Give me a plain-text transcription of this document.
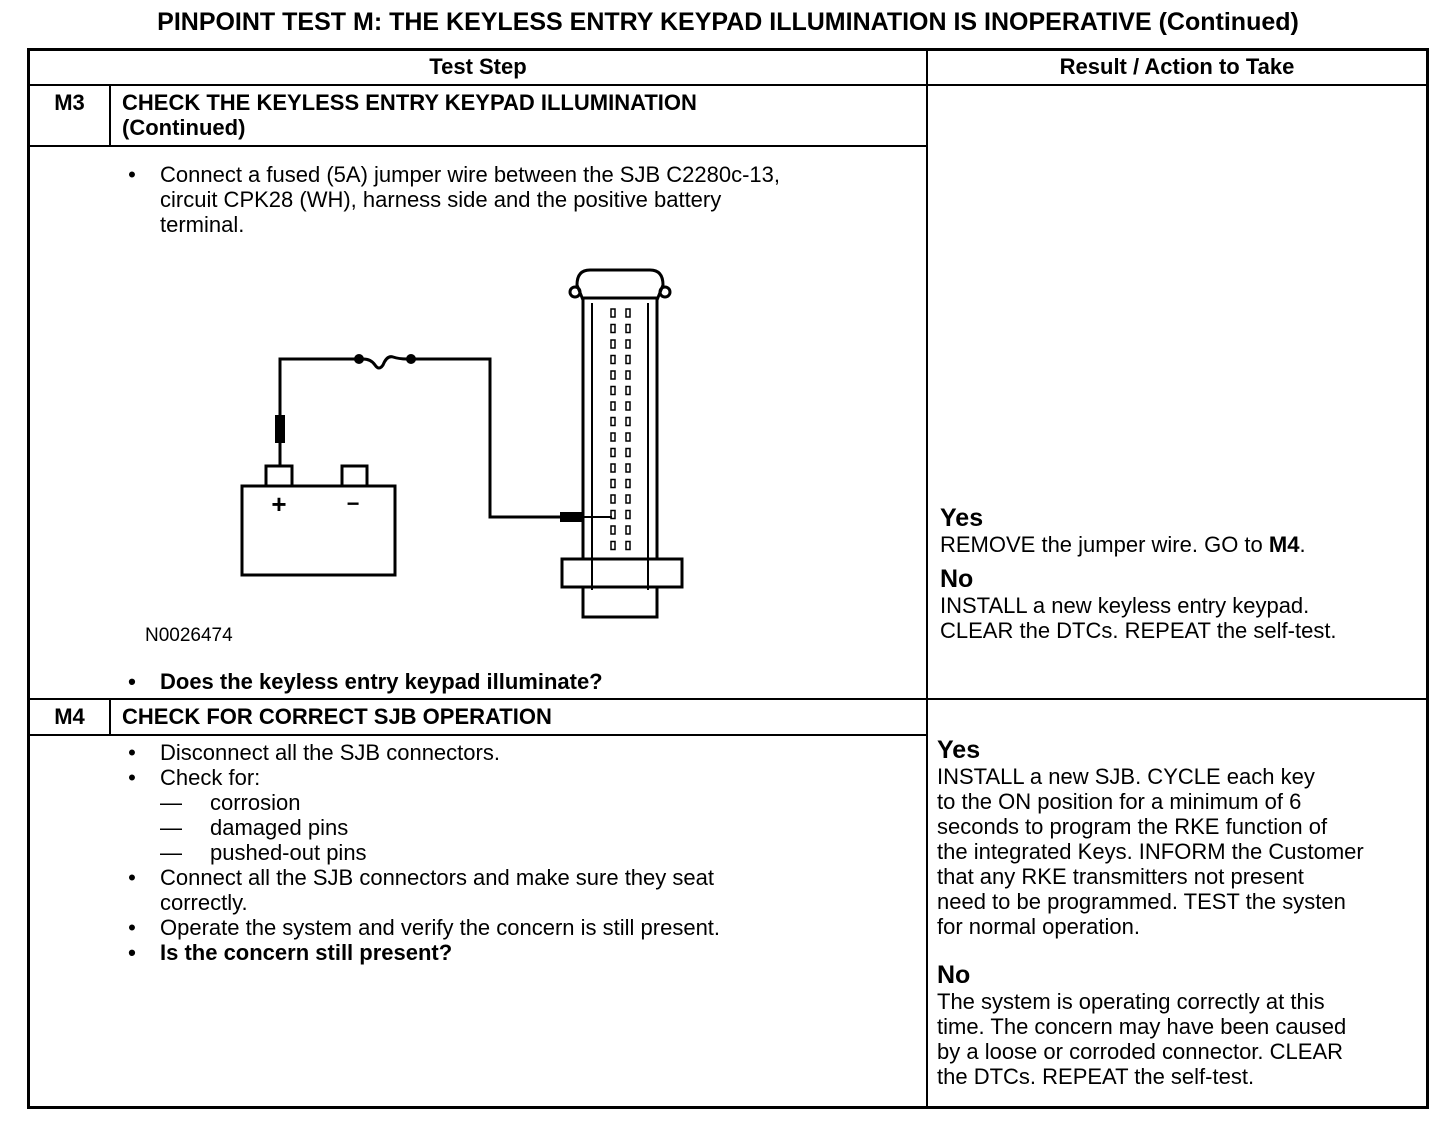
PINPOINT TEST M: THE KEYLESS ENTRY KEYPAD ILLUMINATION IS INOPERATIVE (Continued)
Test Step	Result / Action to Take
M3	CHECK THE KEYLESS ENTRY KEYPAD ILLUMINATION
(Continued)
• Connect a fused (5A) jumper wire between the SJB C2280c-13,
circuit CPK28 (WH), harness side and the positive battery
terminal.
+	−
N0026474
• Does the keyless entry keypad illuminate?
Yes
REMOVE the jumper wire. GO to M4.
No
INSTALL a new keyless entry keypad.
CLEAR the DTCs. REPEAT the self-test.
M4	CHECK FOR CORRECT SJB OPERATION
• Disconnect all the SJB connectors.
• Check for:
—	corrosion
—	damaged pins
—	pushed-out pins
• Connect all the SJB connectors and make sure they seat
correctly.
• Operate the system and verify the concern is still present.
• Is the concern still present?
Yes
INSTALL a new SJB. CYCLE each key
to the ON position for a minimum of 6
seconds to program the RKE function of
the integrated Keys. INFORM the Customer
that any RKE transmitters not present
need to be programmed. TEST the systen
for normal operation.
No
The system is operating correctly at this
time. The concern may have been caused
by a loose or corroded connector. CLEAR
the DTCs. REPEAT the self-test.
